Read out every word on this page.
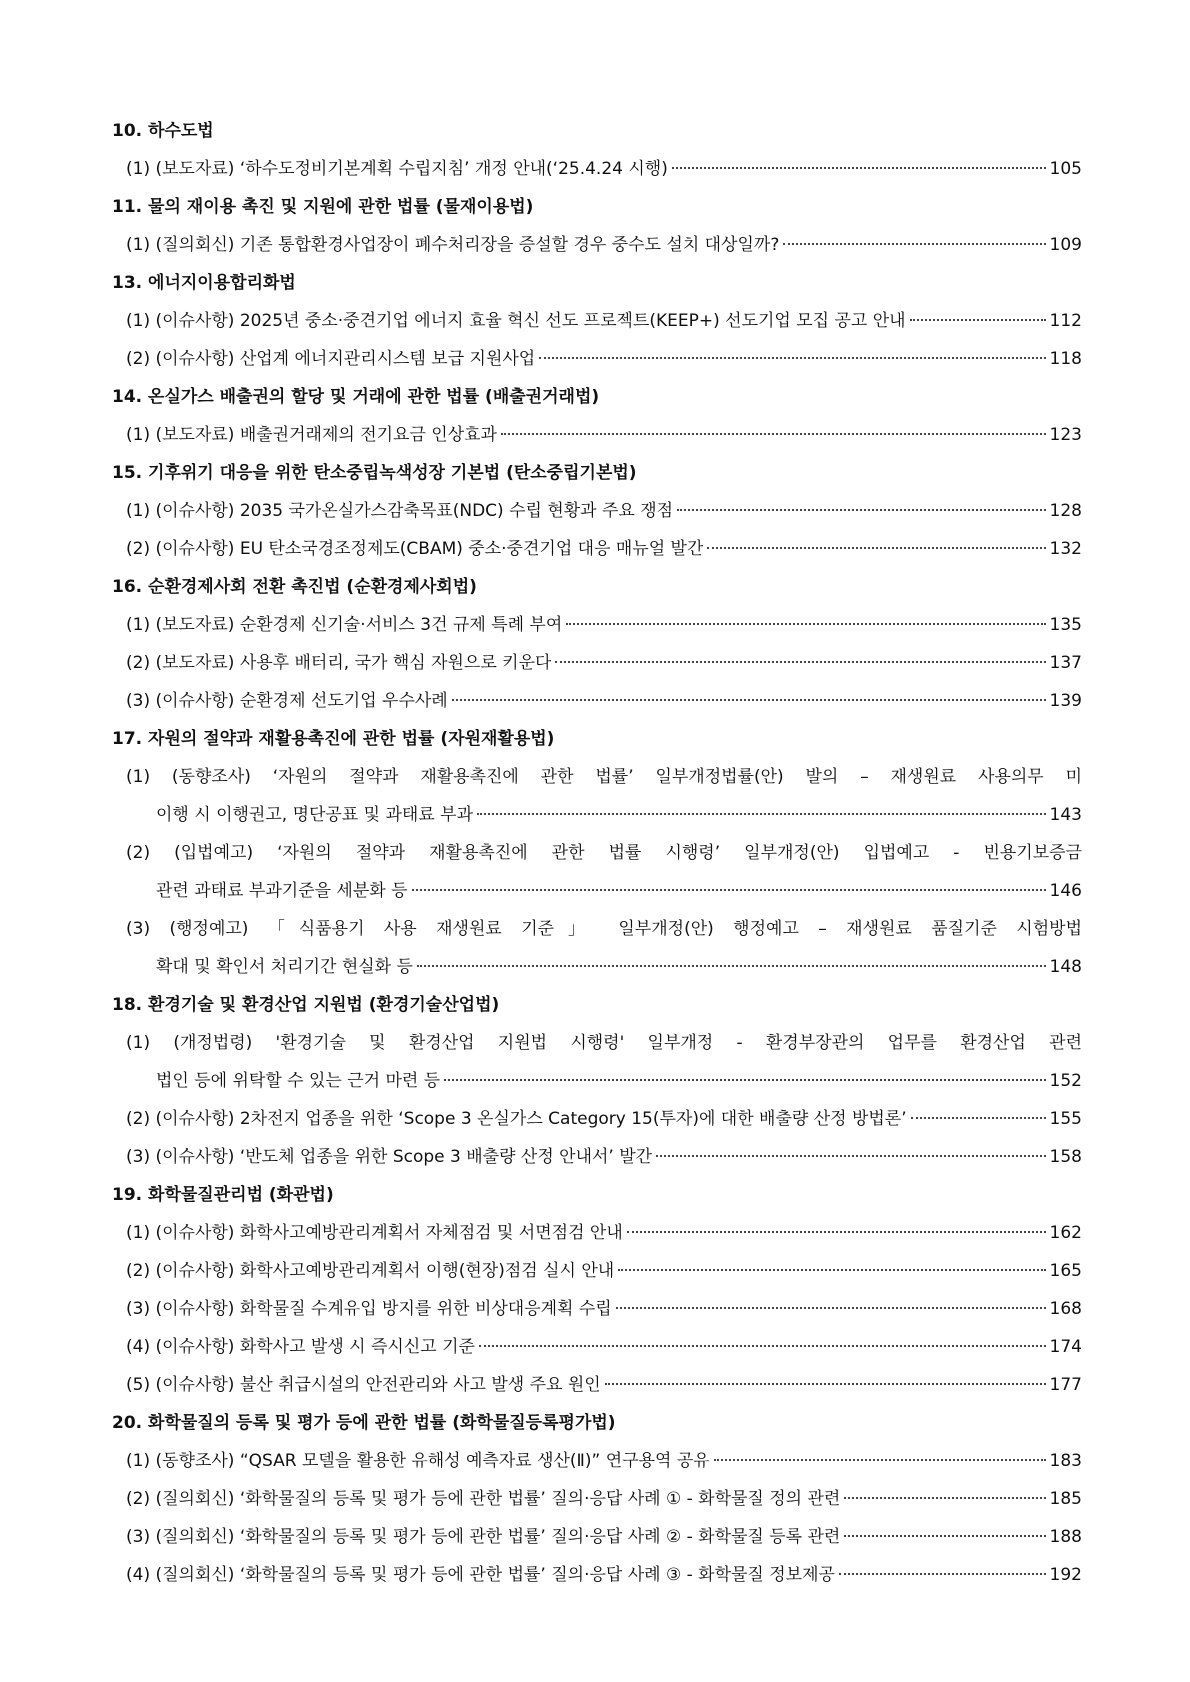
10. 하수도법
(1) (보도자료) ‘하수도정비기본계획 수립지침’ 개정 안내(‘25.4.24 시행)	105
11. 물의 재이용 촉진 및 지원에 관한 법률 (물재이용법)
(1) (질의회신) 기존 통합환경사업장이 폐수처리장을 증설할 경우 중수도 설치 대상일까?	109
13. 에너지이용합리화법
(1) (이슈사항) 2025년 중소·중견기업 에너지 효율 혁신 선도 프로젝트(KEEP+) 선도기업 모집 공고 안내	112
(2) (이슈사항) 산업계 에너지관리시스템 보급 지원사업	118
14. 온실가스 배출권의 할당 및 거래에 관한 법률 (배출권거래법)
(1) (보도자료) 배출권거래제의 전기요금 인상효과	123
15. 기후위기 대응을 위한 탄소중립녹색성장 기본법 (탄소중립기본법)
(1) (이슈사항) 2035 국가온실가스감축목표(NDC) 수립 현황과 주요 쟁점	128
(2) (이슈사항) EU 탄소국경조정제도(CBAM) 중소·중견기업 대응 매뉴얼 발간	132
16. 순환경제사회 전환 촉진법 (순환경제사회법)
(1) (보도자료) 순환경제 신기술·서비스 3건 규제 특례 부여	135
(2) (보도자료) 사용후 배터리, 국가 핵심 자원으로 키운다	137
(3) (이슈사항) 순환경제 선도기업 우수사례	139
17. 자원의 절약과 재활용촉진에 관한 법률 (자원재활용법)
(1) (동향조사) ‘자원의 절약과 재활용촉진에 관한 법률’ 일부개정법률(안) 발의 – 재생원료 사용의무 미
이행 시 이행권고, 명단공표 및 과태료 부과	143
(2) (입법예고) ‘자원의 절약과 재활용촉진에 관한 법률 시행령’ 일부개정(안) 입법예고 - 빈용기보증금
관련 과태료 부과기준을 세분화 등	146
(3) (행정예고) 「식품용기 사용 재생원료 기준」 일부개정(안) 행정예고 – 재생원료 품질기준 시험방법
확대 및 확인서 처리기간 현실화 등	148
18. 환경기술 및 환경산업 지원법 (환경기술산업법)
(1) (개정법령) '환경기술 및 환경산업 지원법 시행령' 일부개정 - 환경부장관의 업무를 환경산업 관련
법인 등에 위탁할 수 있는 근거 마련 등	152
(2) (이슈사항) 2차전지 업종을 위한 ‘Scope 3 온실가스 Category 15(투자)에 대한 배출량 산정 방법론’	155
(3) (이슈사항) ‘반도체 업종을 위한 Scope 3 배출량 산정 안내서’ 발간	158
19. 화학물질관리법 (화관법)
(1) (이슈사항) 화학사고예방관리계획서 자체점검 및 서면점검 안내	162
(2) (이슈사항) 화학사고예방관리계획서 이행(현장)점검 실시 안내	165
(3) (이슈사항) 화학물질 수계유입 방지를 위한 비상대응계획 수립	168
(4) (이슈사항) 화학사고 발생 시 즉시신고 기준	174
(5) (이슈사항) 불산 취급시설의 안전관리와 사고 발생 주요 원인	177
20. 화학물질의 등록 및 평가 등에 관한 법률 (화학물질등록평가법)
(1) (동향조사) “QSAR 모델을 활용한 유해성 예측자료 생산(Ⅱ)” 연구용역 공유	183
(2) (질의회신) ‘화학물질의 등록 및 평가 등에 관한 법률’ 질의·응답 사례 ① - 화학물질 정의 관련	185
(3) (질의회신) ‘화학물질의 등록 및 평가 등에 관한 법률’ 질의·응답 사례 ② - 화학물질 등록 관련	188
(4) (질의회신) ‘화학물질의 등록 및 평가 등에 관한 법률’ 질의·응답 사례 ③ - 화학물질 정보제공	192
